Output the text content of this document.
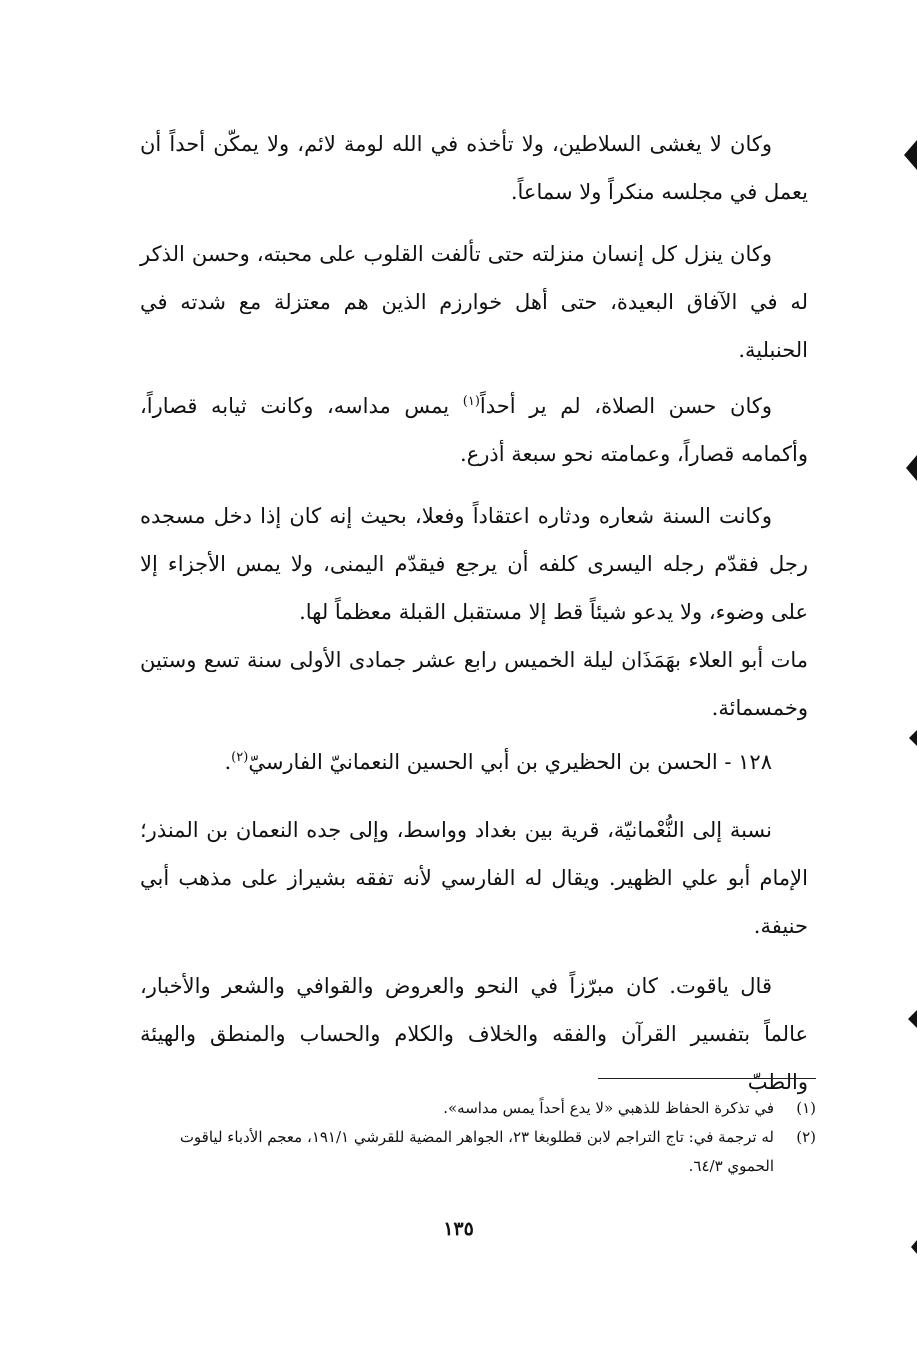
وكان لا يغشى السلاطين، ولا تأخذه في الله لومة لائم، ولا يمكّن أحداً أن يعمل في مجلسه منكراً ولا سماعاً.

وكان ينزل كل إنسان منزلته حتى تألفت القلوب على محبته، وحسن الذكر له في الآفاق البعيدة، حتى أهل خوارزم الذين هم معتزلة مع شدته في الحنبلية.

وكان حسن الصلاة، لم ير أحداً$^{(١)}$ يمس مداسه، وكانت ثيابه قصاراً، وأكمامه قصاراً، وعمامته نحو سبعة أذرع.

وكانت السنة شعاره ودثاره اعتقاداً وفعلا، بحيث إنه كان إذا دخل مسجده رجل فقدّم رجله اليسرى كلفه أن يرجع فيقدّم اليمنى، ولا يمس الأجزاء إلا على وضوء، ولا يدعو شيئاً قط إلا مستقبل القبلة معظماً لها.

مات أبو العلاء بهَمَذَان ليلة الخميس رابع عشر جمادى الأولى سنة تسع وستين وخمسمائة.

١٢٨ - الحسن بن الحظيري بن أبي الحسين النعمانيّ الفارسيّ$^{(٢)}$.

نسبة إلى النُّعْمانيّة، قرية بين بغداد وواسط، وإلى جده النعمان بن المنذر؛ الإمام أبو علي الظهير. ويقال له الفارسي لأنه تفقه بشيراز على مذهب أبي حنيفة.

قال ياقوت. كان مبرّزاً في النحو والعروض والقوافي والشعر والأخبار، عالماً بتفسير القرآن والفقه والخلاف والكلام والحساب والمنطق والهيئة والطبّ

(١)
في تذكرة الحفاظ للذهبي «لا يدع أحداً يمس مداسه».
(٢)
له ترجمة في: تاج التراجم لابن قطلوبغا ٢٣، الجواهر المضية للقرشي ١٩١/١، معجم الأدباء لياقوت الحموي ٦٤/٣.
١٣٥
